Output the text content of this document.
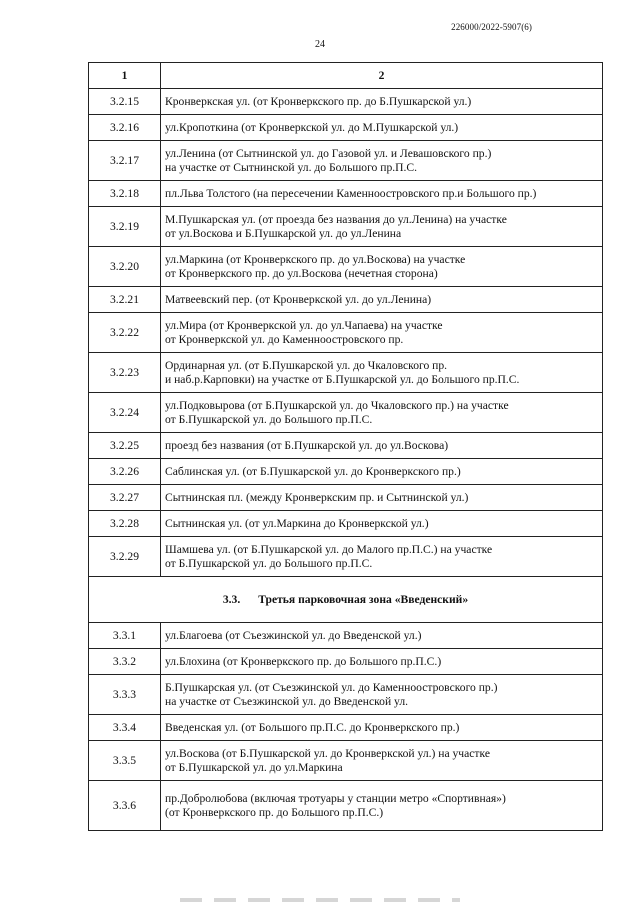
226000/2022-5907(6)
24
1	2
3.2.15	Кронверкская ул. (от Кронверкского пр. до Б.Пушкарской ул.)

3.2.16	ул.Кропоткина (от Кронверкской ул. до М.Пушкарской ул.)

3.2.17	ул.Ленина (от Сытнинской ул. до Газовой ул. и Левашовского пр.)
на участке от Сытнинской ул. до Большого пр.П.С.

3.2.18	пл.Льва Толстого (на пересечении Каменноостровского пр.и Большого пр.)

3.2.19	М.Пушкарская ул. (от проезда без названия до ул.Ленина) на участке
от ул.Воскова и Б.Пушкарской ул. до ул.Ленина

3.2.20	ул.Маркина (от Кронверкского пр. до ул.Воскова) на участке
от Кронверкского пр. до ул.Воскова (нечетная сторона)

3.2.21	Матвеевский пер. (от Кронверкской ул. до ул.Ленина)

3.2.22	ул.Мира (от Кронверкской ул. до ул.Чапаева) на участке
от Кронверкской ул. до Каменноостровского пр.

3.2.23	Ординарная ул. (от Б.Пушкарской ул. до Чкаловского пр.
и наб.р.Карповки) на участке от Б.Пушкарской ул. до Большого пр.П.С.

3.2.24	ул.Подковырова (от Б.Пушкарской ул. до Чкаловского пр.) на участке
от Б.Пушкарской ул. до Большого пр.П.С.

3.2.25	проезд без названия (от Б.Пушкарской ул. до ул.Воскова)

3.2.26	Саблинская ул. (от Б.Пушкарской ул. до Кронверкского пр.)

3.2.27	Сытнинская пл. (между Кронверкским пр. и Сытнинской ул.)

3.2.28	Сытнинская ул. (от ул.Маркина до Кронверкской ул.)

3.2.29	Шамшева ул. (от Б.Пушкарской ул. до Малого пр.П.С.) на участке
от Б.Пушкарской ул. до Большого пр.П.С.

3.3. Третья парковочная зона «Введенский»	
3.3.1	ул.Благоева (от Съезжинской ул. до Введенской ул.)

3.3.2	ул.Блохина (от Кронверкского пр. до Большого пр.П.С.)

3.3.3	Б.Пушкарская ул. (от Съезжинской ул. до Каменноостровского пр.)
на участке от Съезжинской ул. до Введенской ул.

3.3.4	Введенская ул. (от Большого пр.П.С. до Кронверкского пр.)

3.3.5	ул.Воскова (от Б.Пушкарской ул. до Кронверкской ул.) на участке
от Б.Пушкарской ул. до ул.Маркина

3.3.6	пр.Добролюбова (включая тротуары у станции метро «Спортивная»)
(от Кронверкского пр. до Большого пр.П.С.)
